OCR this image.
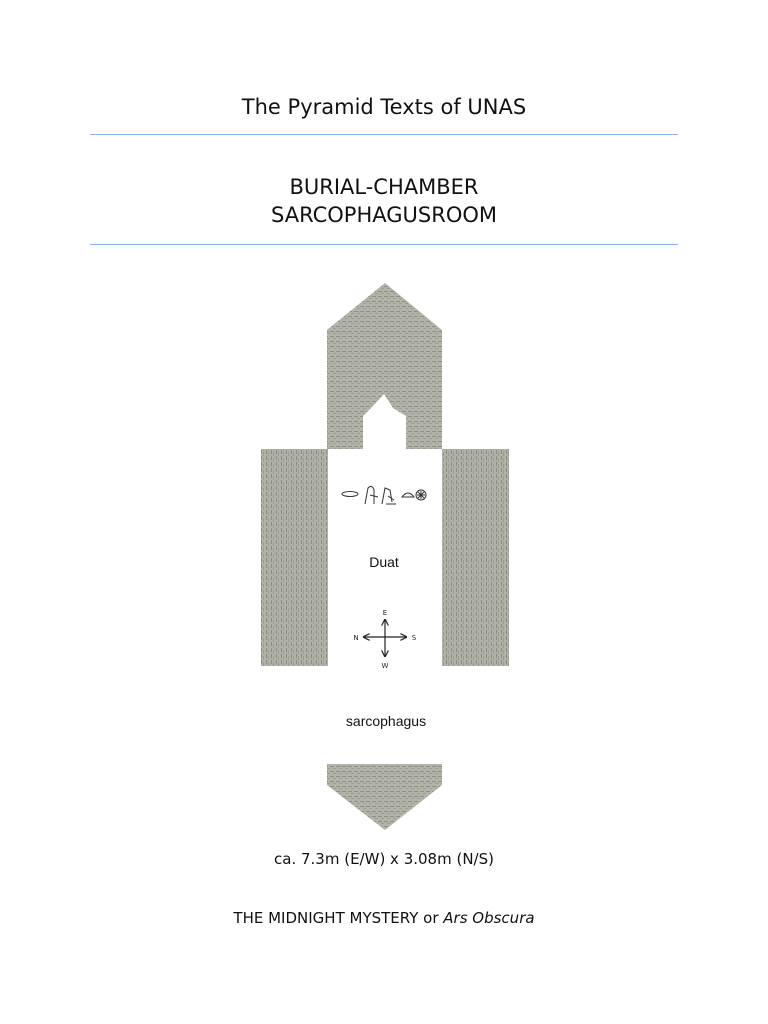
The Pyramid Texts of UNAS
BURIAL-CHAMBER
SARCOPHAGUSROOM
Duat
E
W
N	S
sarcophagus
ca. 7.3m (E/W) x 3.08m (N/S)
THE MIDNIGHT MYSTERY or Ars Obscura
